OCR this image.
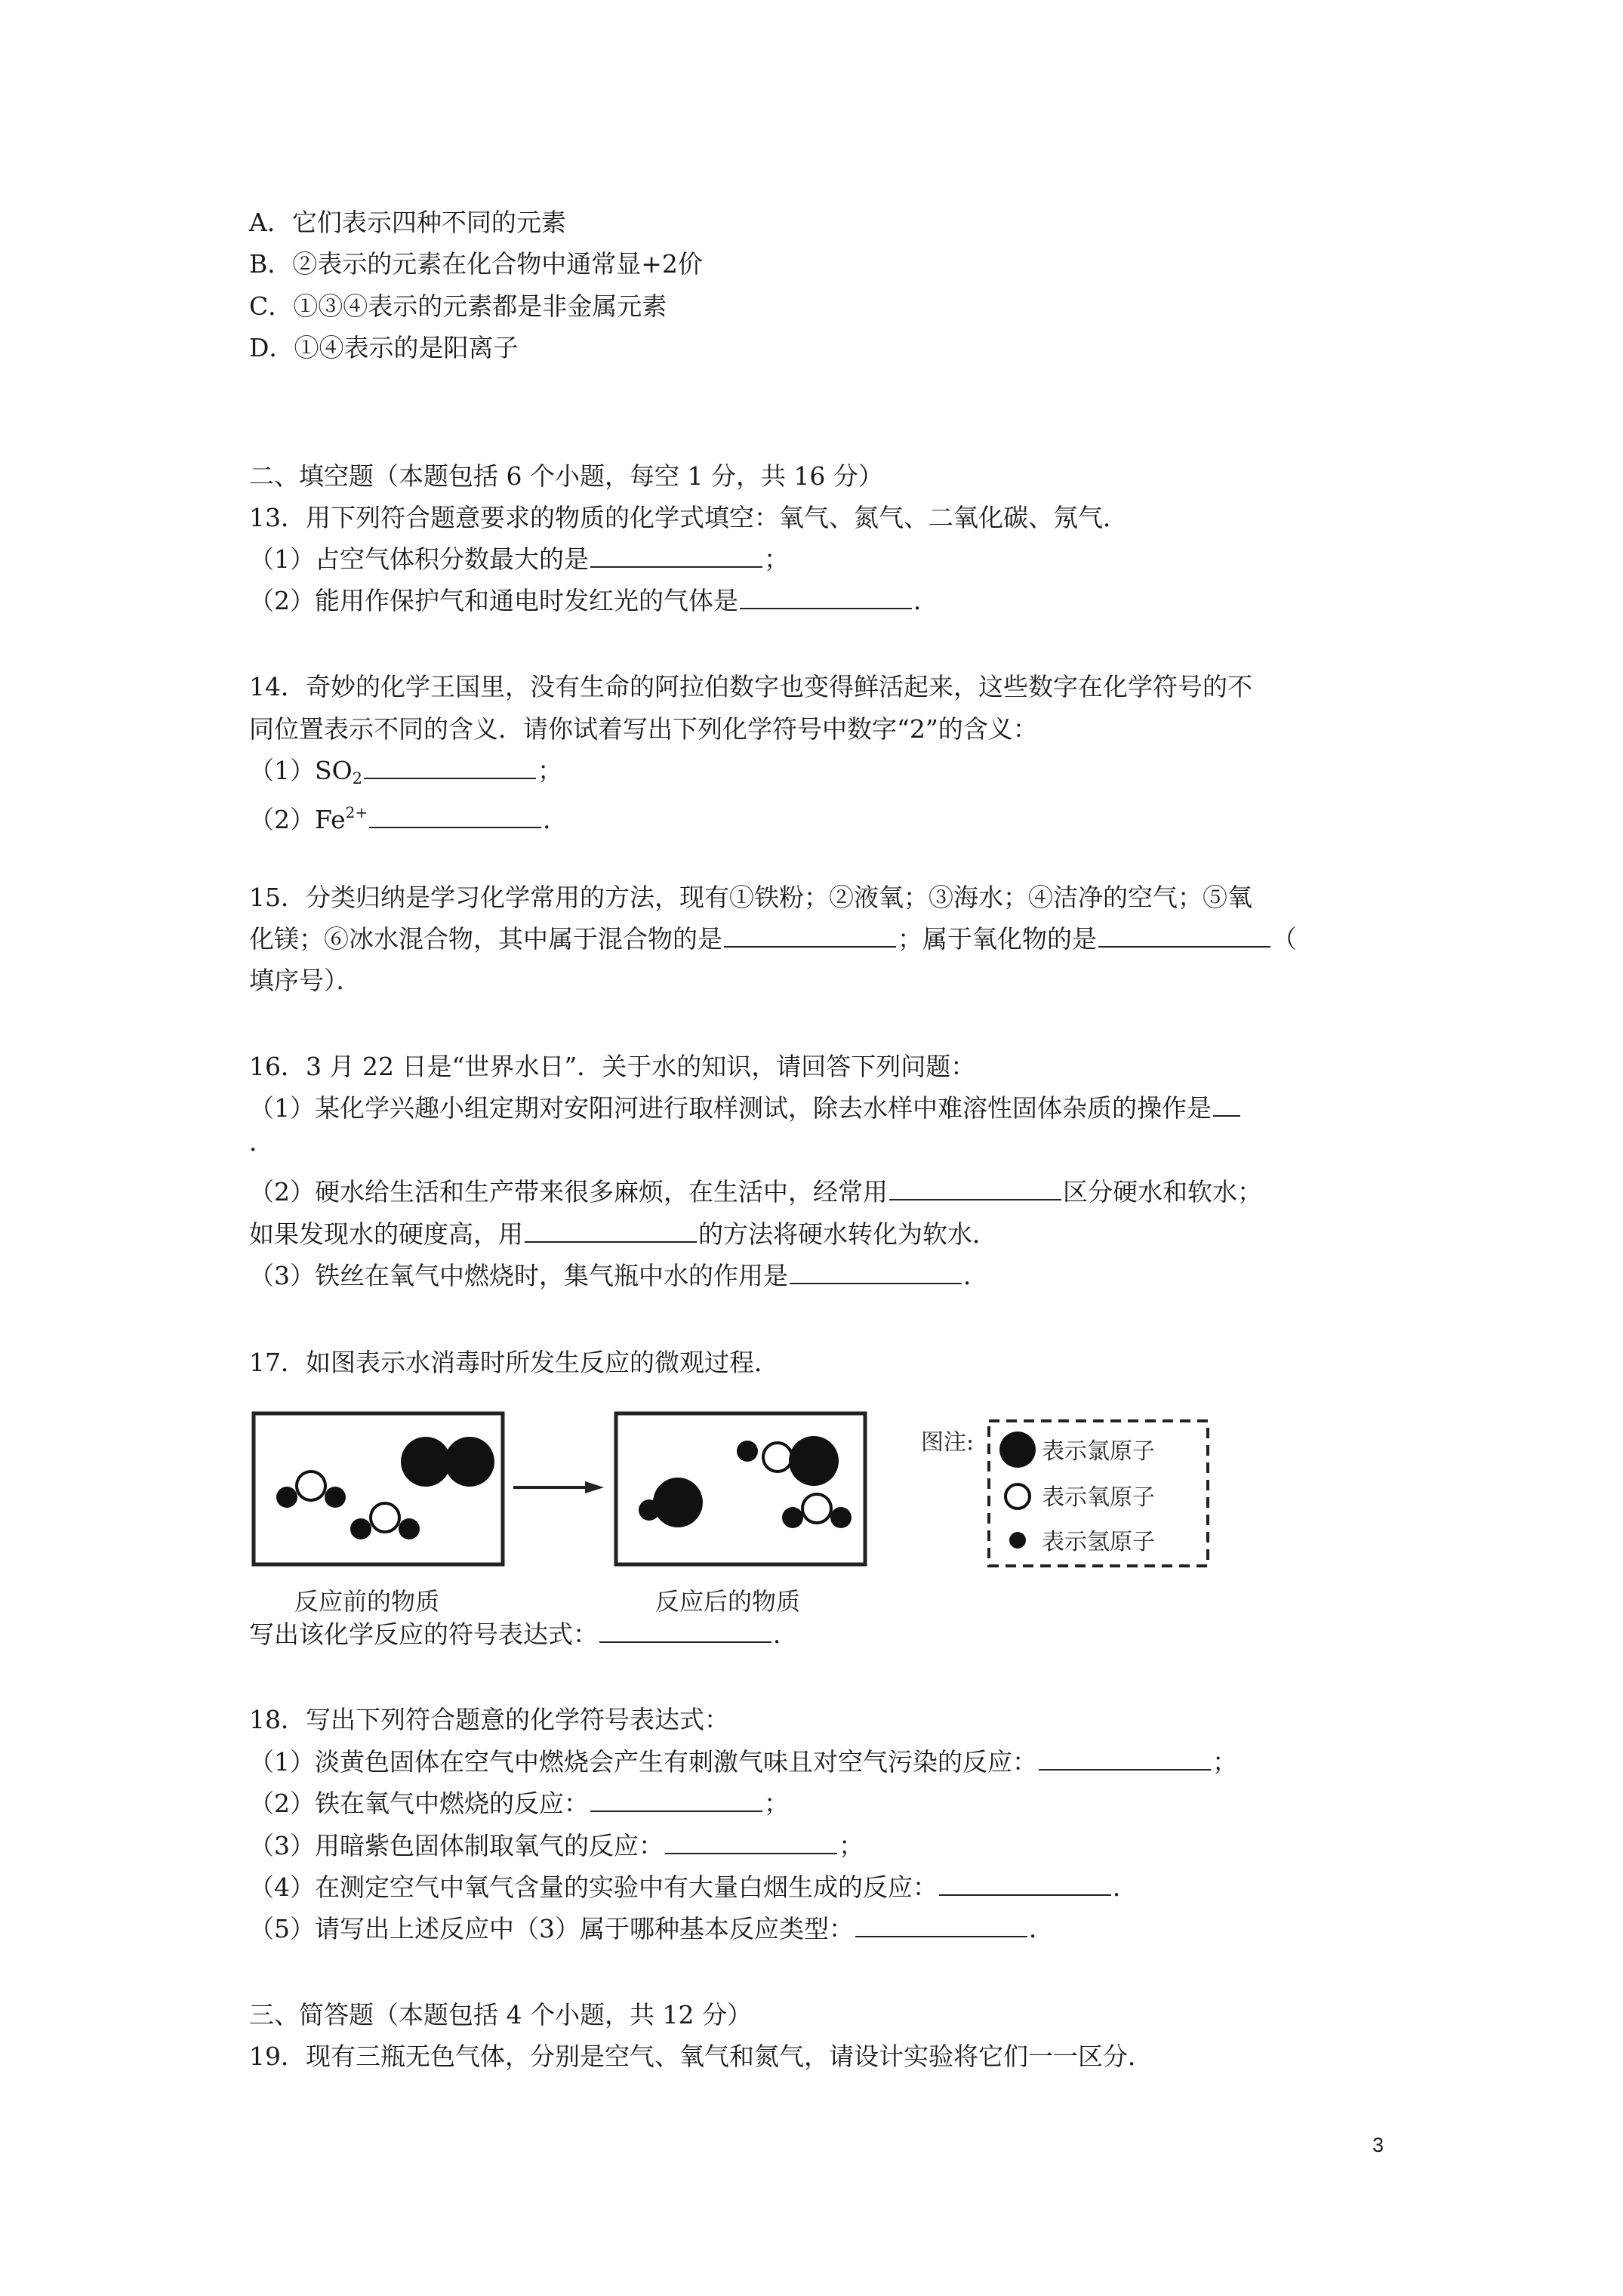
A．它们表示四种不同的元素
B．②表示的元素在化合物中通常显+2价
C．①③④表示的元素都是非金属元素
D．①④表示的是阳离子
二、填空题（本题包括 6 个小题，每空 1 分，共 16 分）
13．用下列符合题意要求的物质的化学式填空：氧气、氮气、二氧化碳、氖气．
（1）占空气体积分数最大的是	；
（2）能用作保护气和通电时发红光的气体是	．
14．奇妙的化学王国里，没有生命的阿拉伯数字也变得鲜活起来，这些数字在化学符号的不
同位置表示不同的含义．请你试着写出下列化学符号中数字“2”的含义：
$(1)SO_2$	；
$(2)Fe^{2+}$	．
15．分类归纳是学习化学常用的方法，现有①铁粉；②液氧；③海水；④洁净的空气；⑤氧
化镁；⑥冰水混合物，其中属于混合物的是	；属于氧化物的是	（
填序号）．
16．3 月 22 日是“世界水日”．关于水的知识，请回答下列问题：
（1）某化学兴趣小组定期对安阳河进行取样测试，除去水样中难溶性固体杂质的操作是
．
（2）硬水给生活和生产带来很多麻烦，在生活中，经常用	区分硬水和软水；
如果发现水的硬度高，用	的方法将硬水转化为软水．
（3）铁丝在氧气中燃烧时，集气瓶中水的作用是	．
17．如图表示水消毒时所发生反应的微观过程．
反应前的物质	反应后的物质
图注:	表示氯原子
表示氧原子
表示氢原子
写出该化学反应的符号表达式：	．
18．写出下列符合题意的化学符号表达式：
（1）淡黄色固体在空气中燃烧会产生有刺激气味且对空气污染的反应：	；
（2）铁在氧气中燃烧的反应：	；
（3）用暗紫色固体制取氧气的反应：	；
（4）在测定空气中氧气含量的实验中有大量白烟生成的反应：	．
（5）请写出上述反应中（3）属于哪种基本反应类型：	．
三、简答题（本题包括 4 个小题，共 12 分）
19．现有三瓶无色气体，分别是空气、氧气和氮气，请设计实验将它们一一区分．
3
